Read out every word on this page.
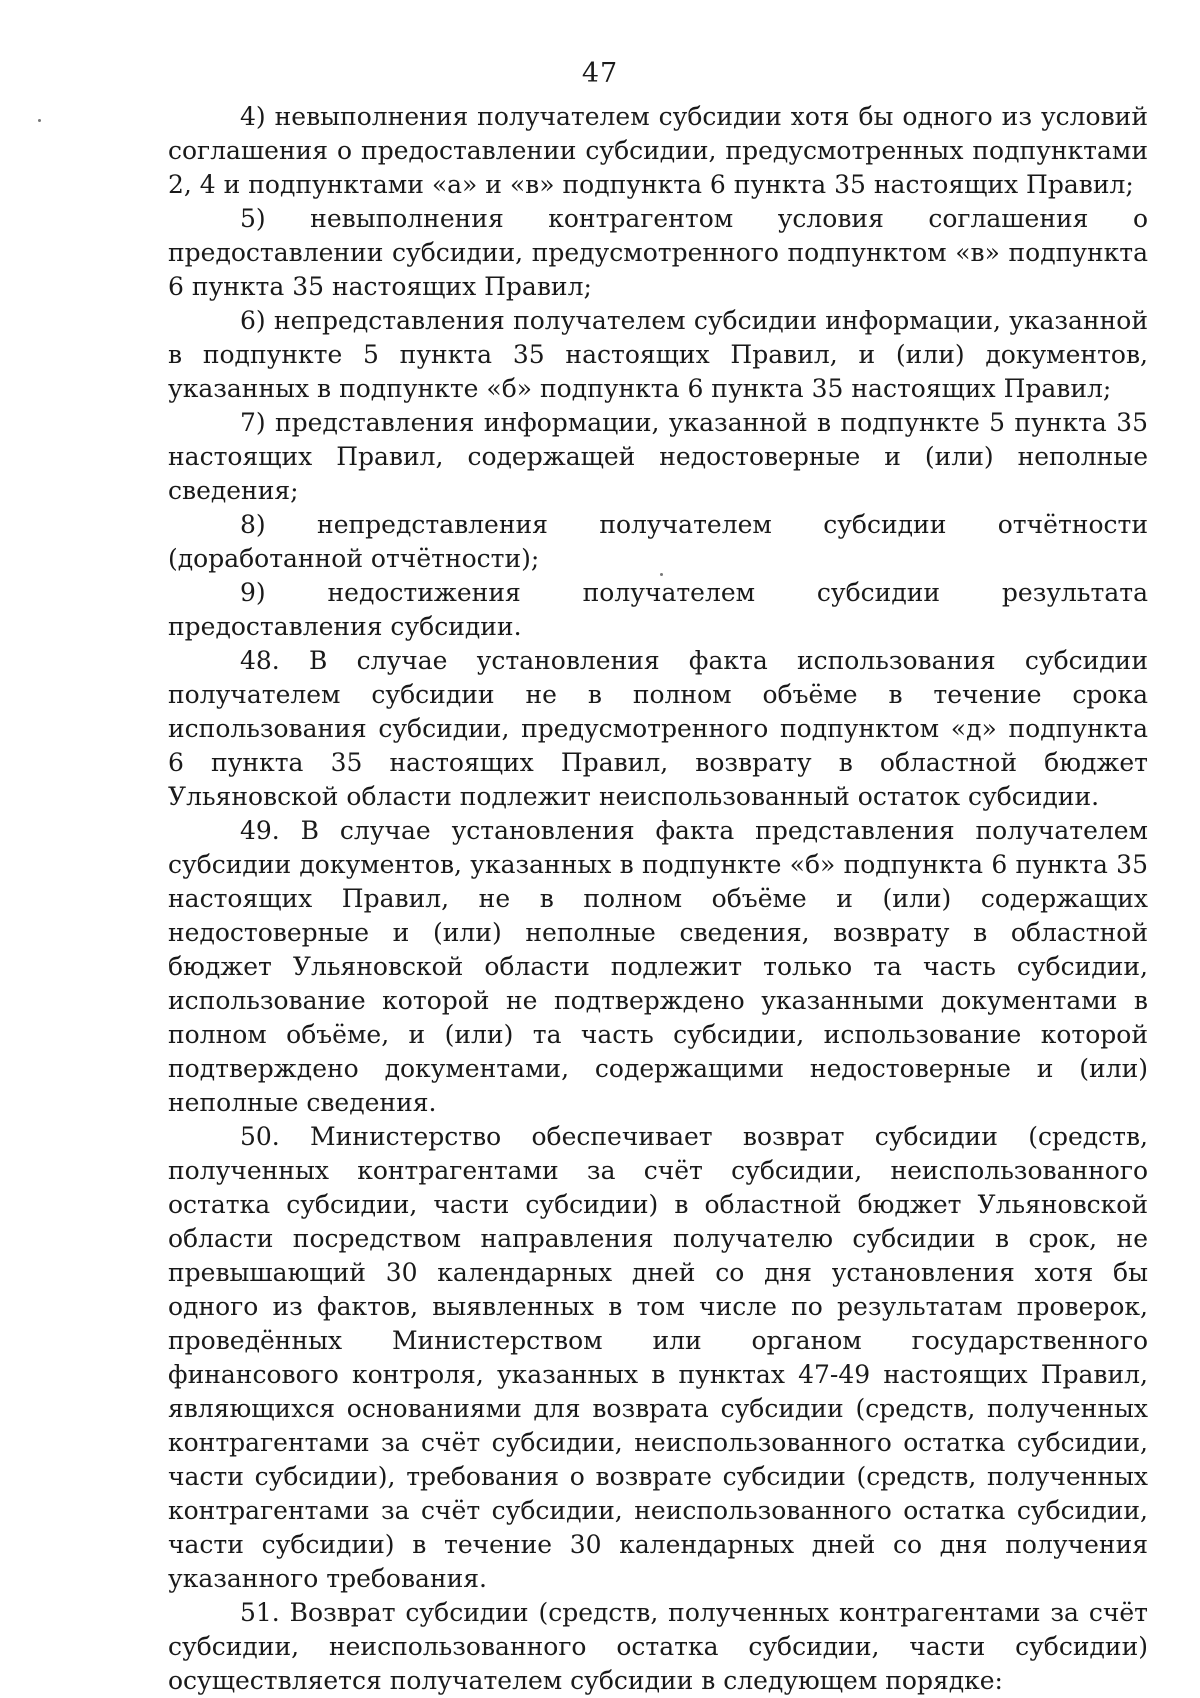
47

4) невыполнения получателем субсидии хотя бы одного из условий соглашения о предоставлении субсидии, предусмотренных подпунктами 2, 4 и подпунктами «а» и «в» подпункта 6 пункта 35 настоящих Правил;

5) невыполнения контрагентом условия соглашения о предоставлении субсидии, предусмотренного подпунктом «в» подпункта 6 пункта 35 настоящих Правил;

6) непредставления получателем субсидии информации, указанной в подпункте 5 пункта 35 настоящих Правил, и (или) документов, указанных в подпункте «б» подпункта 6 пункта 35 настоящих Правил;

7) представления информации, указанной в подпункте 5 пункта 35 настоящих Правил, содержащей недостоверные и (или) неполные сведения;

8) непредставления получателем субсидии отчётности (доработанной отчётности);

9) недостижения получателем субсидии результата предоставления субсидии.

48. В случае установления факта использования субсидии получателем субсидии не в полном объёме в течение срока использования субсидии, предусмотренного подпунктом «д» подпункта 6 пункта 35 настоящих Правил, возврату в областной бюджет Ульяновской области подлежит неиспользованный остаток субсидии.

49. В случае установления факта представления получателем субсидии документов, указанных в подпункте «б» подпункта 6 пункта 35 настоящих Правил, не в полном объёме и (или) содержащих недостоверные и (или) неполные сведения, возврату в областной бюджет Ульяновской области подлежит только та часть субсидии, использование которой не подтверждено указанными документами в полном объёме, и (или) та часть субсидии, использование которой подтверждено документами, содержащими недостоверные и (или) неполные сведения.

50. Министерство обеспечивает возврат субсидии (средств, полученных контрагентами за счёт субсидии, неиспользованного остатка субсидии, части субсидии) в областной бюджет Ульяновской области посредством направления получателю субсидии в срок, не превышающий 30 календарных дней со дня установления хотя бы одного из фактов, выявленных в том числе по результатам проверок, проведённых Министерством или органом государственного финансового контроля, указанных в пунктах 47-49 настоящих Правил, являющихся основаниями для возврата субсидии (средств, полученных контрагентами за счёт субсидии, неиспользованного остатка субсидии, части субсидии), требования о возврате субсидии (средств, полученных контрагентами за счёт субсидии, неиспользованного остатка субсидии, части субсидии) в течение 30 календарных дней со дня получения указанного требования.

51. Возврат субсидии (средств, полученных контрагентами за счёт субсидии, неиспользованного остатка субсидии, части субсидии) осуществляется получателем субсидии в следующем порядке:
